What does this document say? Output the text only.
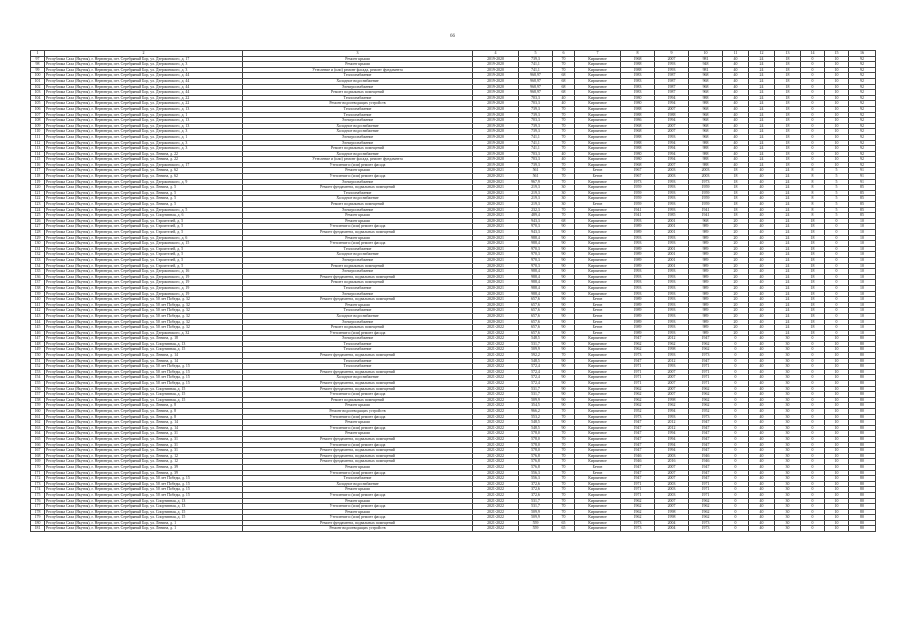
66
1	2	3	4	5	6	7	8	9	10	11	12	13	14	15	16
97	Республика Саха (Якутия), г. Нерюнгри, пгт. Серебряный Бор, ул. Дзержинского, д. 17	Ремонт крыши	2019-2020	739,3	70	Кирпичное	1968	2007	981	40	24	18	0	10	92
98	Республика Саха (Якутия), г. Нерюнгри, пгт. Серебряный Бор, ул. Дзержинского, д. 3	Ремонт крыши	2019-2020	741,1	70	Кирпичное	1988	1993	948	40	24	18	0	10	92
99	Республика Саха (Якутия), г. Нерюнгри, пгт. Серебряный Бор, ул. Дзержинского, д. 3	Утепление и (или) ремонт фасада, ремонт фундамента	2019-2020	741,1	70	Кирпичное	1988	1993	981	40	24	18	0	10	92
100	Республика Саха (Якутия), г. Нерюнгри, пгт. Серебряный Бор, ул. Дзержинского, д. 44	Теплоснабжение	2019-2020	968,97	68	Кирпичное	1983	1987	968	40	24	18	0	10	92
101	Республика Саха (Якутия), г. Нерюнгри, пгт. Серебряный Бор, ул. Дзержинского, д. 44	Холодное водоснабжение	2019-2020	968,97	68	Кирпичное	1983	1987	968	40	24	18	0	10	92
102	Республика Саха (Якутия), г. Нерюнгри, пгт. Серебряный Бор, ул. Дзержинского, д. 44	Электроснабжение	2019-2020	968,97	68	Кирпичное	1983	1987	968	40	24	18	0	10	92
103	Республика Саха (Якутия), г. Нерюнгри, пгт. Серебряный Бор, ул. Дзержинского, д. 44	Ремонт подвальных помещений	2019-2020	968,97	68	Кирпичное	1983	1987	968	40	24	18	0	10	92
104	Республика Саха (Якутия), г. Нерюнгри, пгт. Серебряный Бор, ул. Дзержинского, д. 22	Теплоснабжение	2019-2020	703,3	40	Кирпичное	1980	1994	988	40	24	18	0	10	92
105	Республика Саха (Якутия), г. Нерюнгри, пгт. Серебряный Бор, ул. Дзержинского, д. 22	Ремонт водоотводящих устройств	2019-2020	703,3	40	Кирпичное	1980	1994	988	40	24	18	0	10	92
106	Республика Саха (Якутия), г. Нерюнгри, пгт. Серебряный Бор, ул. Дзержинского, д. 13	Теплоснабжение	2019-2020	739,3	70	Кирпичное	1988	2007	968	40	24	18	0	10	92
107	Республика Саха (Якутия), г. Нерюнгри, пгт. Серебряный Бор, ул. Дзержинского, д. 1	Теплоснабжение	2019-2020	739,3	70	Кирпичное	1988	1988	968	40	24	18	0	10	92
108	Республика Саха (Якутия), г. Нерюнгри, пгт. Серебряный Бор, ул. Дзержинского, д. 13	Электроснабжение	2019-2020	703,3	70	Кирпичное	1986	1994	968	40	24	18	0	10	92
109	Республика Саха (Якутия), г. Нерюнгри, пгт. Серебряный Бор, ул. Дзержинского, д. 13	Холодное водоснабжение	2019-2020	739,3	70	Кирпичное	1968	2007	968	40	24	18	0	10	92
110	Республика Саха (Якутия), г. Нерюнгри, пгт. Серебряный Бор, ул. Дзержинского, д. 3	Холодное водоснабжение	2019-2020	739,3	70	Кирпичное	1968	2007	968	40	24	18	0	10	92
111	Республика Саха (Якутия), г. Нерюнгри, пгт. Серебряный Бор, ул. Дзержинского, д. 1	Электроснабжение	2019-2020	741,1	70	Кирпичное	1988	1993	968	40	24	18	0	10	92
112	Республика Саха (Якутия), г. Нерюнгри, пгт. Серебряный Бор, ул. Дзержинского, д. 3	Электроснабжение	2019-2020	741,1	70	Кирпичное	1988	1994	988	40	24	18	0	10	92
113	Республика Саха (Якутия), г. Нерюнгри, пгт. Серебряный Бор, ул. Дзержинского, д. 3	Ремонт подвальных помещений	2019-2020	741,1	70	Кирпичное	1988	1994	988	40	24	18	0	10	92
114	Республика Саха (Якутия), г. Нерюнгри, пгт. Серебряный Бор, ул. Ленина, д. 22	Холодное водоснабжение	2019-2020	703,3	40	Кирпичное	1980	1994	988	40	24	18	0	10	92
115	Республика Саха (Якутия), г. Нерюнгри, пгт. Серебряный Бор, ул. Ленина, д. 22	Утепление и (или) ремонт фасада, ремонт фундамента	2019-2020	703,3	40	Кирпичное	1980	1994	988	40	24	18	0	10	92
116	Республика Саха (Якутия), г. Нерюнгри, пгт. Серебряный Бор, ул. Дзержинского, д. 17	Утепление и (или) ремонт фасада	2019-2020	739,3	70	Кирпичное	1968	2007	988	40	24	18	0	10	92
117	Республика Саха (Якутия), г. Нерюнгри, пгт. Серебряный Бор, ул. Ленина, д. 62	Ремонт крыши	2020-2021	561	70	Бетон	1967	2003	2003	18	40	24	8	5	91
118	Республика Саха (Якутия), г. Нерюнгри, пгт. Серебряный Бор, ул. Ленина, д. 62	Утепление и (или) ремонт фасада	2020-2021	561	70	Бетон	1967	2003	2003	18	40	24	8	5	91
119	Республика Саха (Якутия), г. Нерюнгри, пгт. Серебряный Бор, ул. Дзержинского, д. 9	Электроснабжение	2020-2021	967,9	70	Кирпичное	1973	1993	1973	18	40	24	8	5	91
120	Республика Саха (Якутия), г. Нерюнгри, пгт. Серебряный Бор, ул. Ленина, д. 5	Ремонт фундамента, подвальных помещений	2020-2021	219,3	30	Кирпичное	1959	1993	1959	18	40	24	8	5	85
121	Республика Саха (Якутия), г. Нерюнгри, пгт. Серебряный Бор, ул. Ленина, д. 5	Теплоснабжение	2020-2021	219,3	30	Кирпичное	1959	1993	1959	18	40	24	8	5	85
122	Республика Саха (Якутия), г. Нерюнгри, пгт. Серебряный Бор, ул. Ленина, д. 5	Холодное водоснабжение	2020-2021	219,3	30	Кирпичное	1959	1993	1959	18	40	24	8	5	85
123	Республика Саха (Якутия), г. Нерюнгри, пгт. Серебряный Бор, ул. Ленина, д. 5	Ремонт подвальных помещений	2020-2021	219,3	30	Бетон	1959	1993	1959	18	40	24	8	5	85
124	Республика Саха (Якутия), г. Нерюнгри, пгт. Серебряный Бор, ул. Дзержинского, д. 5	Электроснабжение	2020-2021	232,3	70	Кирпичное	1941	1993	1941	18	40	24	8	5	85
125	Республика Саха (Якутия), г. Нерюнгри, пгт. Серебряный Бор, ул. Спортивная, д. 6	Ремонт крыши	2020-2021	489,4	70	Кирпичное	1941	1985	1941	18	40	24	8	5	85
126	Республика Саха (Якутия), г. Нерюнгри, пгт. Серебряный Бор, ул. Строителей, д. 5	Ремонт крыши	2020-2021	943,3	68	Кирпичное	1993	2001	968	20	40	24	18	0	10
127	Республика Саха (Якутия), г. Нерюнгри, пгт. Серебряный Бор, ул. Строителей, д. 5	Утепление и (или) ремонт фасада	2020-2021	970,3	90	Кирпичное	1989	2001	989	20	40	24	18	0	10
128	Республика Саха (Якутия), г. Нерюнгри, пгт. Серебряный Бор, ул. Строителей, д. 5	Ремонт фундамента, подвальных помещений	2020-2021	943,3	90	Кирпичное	1989	2001	989	20	40	24	18	0	10
129	Республика Саха (Якутия), г. Нерюнгри, пгт. Серебряный Бор, ул. Дзержинского, д. 6	Ремонт крыши	2020-2021	988,4	90	Кирпичное	1993	1993	989	20	40	24	18	0	10
130	Республика Саха (Якутия), г. Нерюнгри, пгт. Серебряный Бор, ул. Дзержинского, д. 15	Утепление и (или) ремонт фасада	2020-2021	988,4	90	Кирпичное	1993	1993	989	20	40	24	18	0	10
131	Республика Саха (Якутия), г. Нерюнгри, пгт. Серебряный Бор, ул. Строителей, д. 5	Теплоснабжение	2020-2021	970,3	90	Кирпичное	1989	2001	989	20	40	24	18	0	10
132	Республика Саха (Якутия), г. Нерюнгри, пгт. Серебряный Бор, ул. Строителей, д. 5	Холодное водоснабжение	2020-2021	970,3	90	Кирпичное	1989	2001	989	20	40	24	18	0	10
133	Республика Саха (Якутия), г. Нерюнгри, пгт. Серебряный Бор, ул. Строителей, д. 5	Электроснабжение	2020-2021	970,3	90	Кирпичное	1989	2001	989	20	40	24	18	0	10
134	Республика Саха (Якутия), г. Нерюнгри, пгт. Серебряный Бор, ул. Строителей, д. 5	Ремонт подвальных помещений	2020-2021	970,3	90	Кирпичное	1989	2001	989	20	40	24	18	0	10
135	Республика Саха (Якутия), г. Нерюнгри, пгт. Серебряный Бор, ул. Дзержинского, д. 16	Электроснабжение	2020-2021	988,4	90	Кирпичное	1993	1993	989	20	40	24	18	0	10
136	Республика Саха (Якутия), г. Нерюнгри, пгт. Серебряный Бор, ул. Дзержинского, д. 19	Ремонт фундамента, подвальных помещений	2020-2021	988,4	90	Кирпичное	1993	1993	989	20	40	24	18	0	10
137	Республика Саха (Якутия), г. Нерюнгри, пгт. Серебряный Бор, ул. Дзержинского, д. 19	Ремонт подвальных помещений	2020-2021	988,4	90	Кирпичное	1993	1993	989	20	40	24	18	0	10
138	Республика Саха (Якутия), г. Нерюнгри, пгт. Серебряный Бор, ул. Дзержинского, д. 19	Теплоснабжение	2020-2021	988,4	90	Кирпичное	1993	1993	989	20	40	24	18	0	10
139	Республика Саха (Якутия), г. Нерюнгри, пгт. Серебряный Бор, ул. Дзержинского, д. 19	Электроснабжение	2020-2021	988,4	90	Кирпичное	1993	1993	989	20	40	24	18	0	10
140	Республика Саха (Якутия), г. Нерюнгри, пгт. Серебряный Бор, ул. 50 лет Победы, д. 32	Ремонт фундамента, подвальных помещений	2020-2021	657,6	90	Бетон	1989	1993	989	20	40	24	18	0	10
141	Республика Саха (Якутия), г. Нерюнгри, пгт. Серебряный Бор, ул. 50 лет Победы, д. 32	Ремонт крыши	2020-2021	657,6	90	Бетон	1989	1993	989	20	40	24	18	0	10
142	Республика Саха (Якутия), г. Нерюнгри, пгт. Серебряный Бор, ул. 50 лет Победы, д. 32	Теплоснабжение	2020-2021	657,6	90	Бетон	1989	1993	989	20	40	24	18	0	10
143	Республика Саха (Якутия), г. Нерюнгри, пгт. Серебряный Бор, ул. 50 лет Победы, д. 32	Холодное водоснабжение	2020-2021	657,6	90	Бетон	1989	1993	989	20	40	24	18	0	10
144	Республика Саха (Якутия), г. Нерюнгри, пгт. Серебряный Бор, ул. 50 лет Победы, д. 32	Электроснабжение	2020-2021	657,6	90	Бетон	1989	1993	989	20	40	24	18	0	10
145	Республика Саха (Якутия), г. Нерюнгри, пгт. Серебряный Бор, ул. 50 лет Победы, д. 32	Ремонт подвальных помещений	2021-2022	657,6	90	Бетон	1989	1993	989	20	40	24	18	0	10
146	Республика Саха (Якутия), г. Нерюнгри, пгт. Серебряный Бор, ул. Дзержинского, д. 32	Утепление и (или) ремонт фасада	2021-2022	657,6	90	Бетон	1989	1993	989	20	40	24	18	0	10
147	Республика Саха (Якутия), г. Нерюнгри, пгт. Серебряный Бор, ул. Ленина, д. 18	Электроснабжение	2021-2022	548,5	90	Кирпичное	1947	2012	1947	0	40	30	0	10	80
148	Республика Саха (Якутия), г. Нерюнгри, пгт. Серебряный Бор, ул. Спортивная, д. 13	Теплоснабжение	2021-2022	531,7	90	Кирпичное	1962	1962	1962	0	40	30	0	10	80
149	Республика Саха (Якутия), г. Нерюнгри, пгт. Серебряный Бор, ул. Спортивная, д. 15	Теплоснабжение	2021-2022	509,9	90	Кирпичное	1962	1998	1962	0	40	30	0	10	80
150	Республика Саха (Якутия), г. Нерюнгри, пгт. Серебряный Бор, ул. Ленина, д. 14	Ремонт фундамента, подвальных помещений	2021-2022	592,2	70	Кирпичное	1973	1993	1973	0	40	30	0	10	80
151	Республика Саха (Якутия), г. Нерюнгри, пгт. Серебряный Бор, ул. Ленина, д. 14	Теплоснабжение	2021-2022	548,5	90	Кирпичное	1947	2012	1947	0	40	30	0	10	80
152	Республика Саха (Якутия), г. Нерюнгри, пгт. Серебряный Бор, ул. 50 лет Победы, д. 15	Теплоснабжение	2021-2022	572,4	90	Кирпичное	1971	1993	1971	0	40	30	0	10	80
153	Республика Саха (Якутия), г. Нерюнгри, пгт. Серебряный Бор, ул. 50 лет Победы, д. 15	Ремонт фундамента, подвальных помещений	2021-2022	572,4	90	Кирпичное	1971	2007	1971	0	40	30	0	10	80
154	Республика Саха (Якутия), г. Нерюнгри, пгт. Серебряный Бор, ул. 50 лет Победы, д. 15	Холодное водоснабжение	2021-2022	572,4	90	Кирпичное	1971	2007	1971	0	40	30	0	10	80
155	Республика Саха (Якутия), г. Нерюнгри, пгт. Серебряный Бор, ул. 50 лет Победы, д. 15	Ремонт фундамента, подвальных помещений	2021-2022	572,4	90	Кирпичное	1971	2007	1971	0	40	30	0	10	80
156	Республика Саха (Якутия), г. Нерюнгри, пгт. Серебряный Бор, ул. Спортивная, д. 15	Ремонт фундамента, подвальных помещений	2021-2022	531,7	90	Кирпичное	1962	2007	1962	0	40	30	0	10	80
157	Республика Саха (Якутия), г. Нерюнгри, пгт. Серебряный Бор, ул. Спортивная, д. 15	Утепление и (или) ремонт фасада	2021-2022	531,7	90	Кирпичное	1962	2007	1962	0	40	30	0	10	80
158	Республика Саха (Якутия), г. Нерюнгри, пгт. Серебряный Бор, ул. Спортивная, д. 15	Ремонт подвальных помещений	2021-2022	509,9	90	Кирпичное	1962	1998	1962	0	40	30	0	10	80
159	Республика Саха (Якутия), г. Нерюнгри, пгт. Серебряный Бор, ул. Ленина, д. 8	Ремонт крыши	2021-2022	354,5	90	Кирпичное	1962	1962	1962	0	40	30	0	10	80
160	Республика Саха (Якутия), г. Нерюнгри, пгт. Серебряный Бор, ул. Ленина, д. 8	Ремонт водоотводящих устройств	2021-2022	966,2	70	Кирпичное	1952	1994	1952	0	40	30	0	10	80
161	Республика Саха (Якутия), г. Нерюнгри, пгт. Серебряный Бор, ул. Ленина, д. 8	Утепление и (или) ремонт фасада	2021-2022	553,2	70	Кирпичное	1973	1993	1973	0	40	30	0	10	80
162	Республика Саха (Якутия), г. Нерюнгри, пгт. Серебряный Бор, ул. Ленина, д. 14	Ремонт крыши	2021-2022	548,5	90	Кирпичное	1947	2012	1947	0	40	30	0	10	80
163	Республика Саха (Якутия), г. Нерюнгри, пгт. Серебряный Бор, ул. Ленина, д. 14	Утепление и (или) ремонт фасада	2021-2022	548,5	90	Кирпичное	1947	2012	1947	0	40	30	0	10	80
164	Республика Саха (Якутия), г. Нерюнгри, пгт. Серебряный Бор, ул. Ленина, д. 31	Ремонт крыши	2021-2022	578,0	70	Кирпичное	1947	1994	1947	0	40	30	0	10	80
165	Республика Саха (Якутия), г. Нерюнгри, пгт. Серебряный Бор, ул. Ленина, д. 31	Ремонт фундамента, подвальных помещений	2021-2022	578,0	70	Кирпичное	1947	1994	1947	0	40	30	0	10	80
166	Республика Саха (Якутия), г. Нерюнгри, пгт. Серебряный Бор, ул. Ленина, д. 31	Утепление и (или) ремонт фасада	2021-2022	578,0	70	Кирпичное	1947	1994	1947	0	40	30	0	10	80
167	Республика Саха (Якутия), г. Нерюнгри, пгт. Серебряный Бор, ул. Ленина, д. 31	Ремонт фундамента, подвальных помещений	2021-2022	578,0	70	Кирпичное	1947	1994	1947	0	40	30	0	10	80
168	Республика Саха (Якутия), г. Нерюнгри, пгт. Серебряный Бор, ул. Ленина, д. 12	Ремонт фундамента, подвальных помещений	2021-2022	576,8	70	Кирпичное	1946	2003	1946	0	40	30	0	10	80
169	Республика Саха (Якутия), г. Нерюнгри, пгт. Серебряный Бор, ул. Ленина, д. 12	Ремонт фундамента, подвальных помещений	2021-2022	576,8	70	Кирпичное	1946	2016	1946	0	40	30	0	10	80
170	Республика Саха (Якутия), г. Нерюнгри, пгт. Серебряный Бор, ул. Ленина, д. 39	Ремонт крыши	2021-2022	576,8	70	Бетон	1947	2007	1947	0	40	30	0	10	80
171	Республика Саха (Якутия), г. Нерюнгри, пгт. Серебряный Бор, ул. Ленина, д. 39	Утепление и (или) ремонт фасада	2021-2022	556,3	70	Бетон	1947	2007	1947	0	40	30	0	10	80
172	Республика Саха (Якутия), г. Нерюнгри, пгт. Серебряный Бор, ул. 50 лет Победы, д. 15	Теплоснабжение	2021-2022	556,3	70	Кирпичное	1947	2007	1947	0	40	30	0	10	80
173	Республика Саха (Якутия), г. Нерюнгри, пгт. Серебряный Бор, ул. 50 лет Победы, д. 15	Холодное водоснабжение	2021-2022	372,6	70	Кирпичное	1971	2003	1971	0	40	30	0	10	80
174	Республика Саха (Якутия), г. Нерюнгри, пгт. Серебряный Бор, ул. 50 лет Победы, д. 15	Ремонт крыши	2021-2022	372,6	70	Кирпичное	1971	2003	1971	0	40	30	0	10	80
175	Республика Саха (Якутия), г. Нерюнгри, пгт. Серебряный Бор, ул. 50 лет Победы, д. 15	Утепление и (или) ремонт фасада	2021-2022	372,6	70	Кирпичное	1971	2003	1971	0	40	30	0	10	80
176	Республика Саха (Якутия), г. Нерюнгри, пгт. Серебряный Бор, ул. Спортивная, д. 13	Ремонт крыши	2021-2022	531,7	70	Кирпичное	1962	2007	1962	0	40	30	0	10	80
177	Республика Саха (Якутия), г. Нерюнгри, пгт. Серебряный Бор, ул. Спортивная, д. 13	Утепление и (или) ремонт фасада	2021-2022	531,7	70	Кирпичное	1962	2007	1962	0	40	30	0	10	80
178	Республика Саха (Якутия), г. Нерюнгри, пгт. Серебряный Бор, ул. Спортивная, д. 15	Ремонт крыши	2021-2022	509,9	70	Кирпичное	1962	1998	1962	0	40	30	0	10	80
179	Республика Саха (Якутия), г. Нерюнгри, пгт. Серебряный Бор, ул. Спортивная, д. 15	Утепление и (или) ремонт фасада	2021-2022	509,9	70	Кирпичное	1962	1998	1962	0	40	30	0	10	80
180	Республика Саха (Якутия), г. Нерюнгри, пгт. Серебряный Бор, ул. Ленина, д. 1	Ремонт фундамента, подвальных помещений	2021-2022	559	65	Кирпичное	1973	2004	1973	0	40	30	0	10	80
181	Республика Саха (Якутия), г. Нерюнгри, пгт. Серебряный Бор, ул. Ленина, д. 1	Ремонт водоотводящих устройств	2021-2022	559	65	Кирпичное	1973	2004	1973	0	40	30	0	10	80
